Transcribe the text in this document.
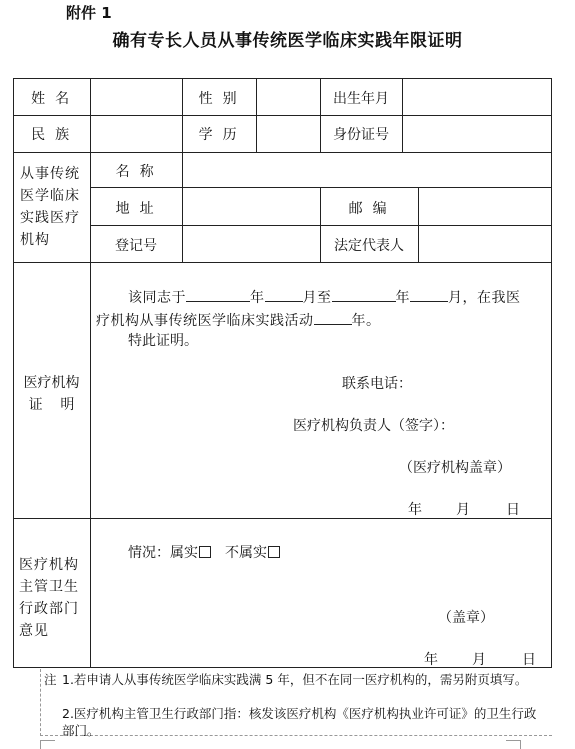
附件 1
确有专长人员从事传统医学临床实践年限证明
姓 名	性 别	出生年月
民 族	学 历	身份证号
从事传统医学临床实践医疗机构
名 称
地 址	邮 编
登记号	法定代表人
医疗机构
证    明
该同志于	年	月至	年	月，在我医
疗机构从事传统医学临床实践活动	年。
特此证明。
联系电话：
医疗机构负责人（签字）：
（医疗机构盖章）
年 月	日
医疗机构主管卫生行政部门意见
情况：属实 不属实
（盖章）
年 月	日
注 1.若申请人从事传统医学临床实践满 5 年，但不在同一医疗机构的，需另附页填写。
2.医疗机构主管卫生行政部门指：核发该医疗机构《医疗机构执业许可证》的卫生行政部门。
